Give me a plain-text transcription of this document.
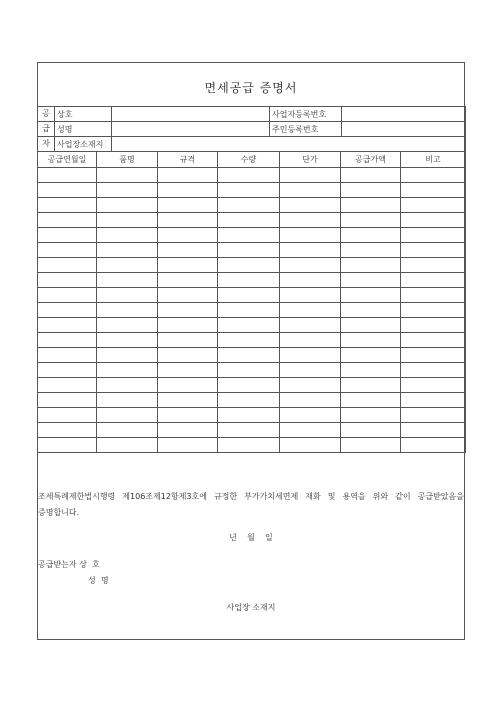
면세공급 증명서
공	상호		사업자등록번호	
급	성명		주민등록번호	
자	사업장소재지			
공급연월일	품명	규격	수량	단가	공급가액	비고

조세특례제한법시행령 제106조제12항제3호에 규정한 부가가치세면제 재화 및 용역을 위와 같이 공급받았음을 증명합니다.
년    월    일
공급받는자 상  호
성  명
사업장 소재지
